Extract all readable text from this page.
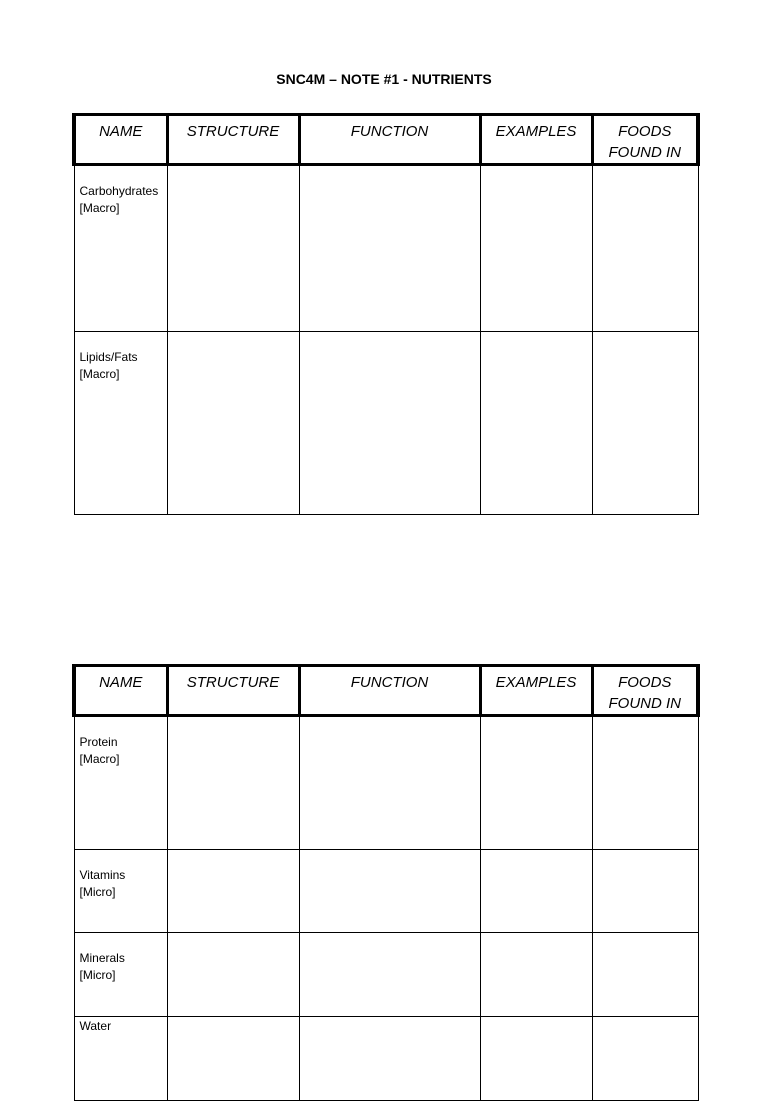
SNC4M – NOTE #1 - NUTRIENTS
NAME	STRUCTURE	FUNCTION	EXAMPLES	FOODS FOUND IN

Carbohydrates
[Macro]				

Lipids/Fats
[Macro]				

NAME	STRUCTURE	FUNCTION	EXAMPLES	FOODS FOUND IN

Protein
[Macro]				

Vitamins
[Micro]				

Minerals
[Micro]				

Water				
